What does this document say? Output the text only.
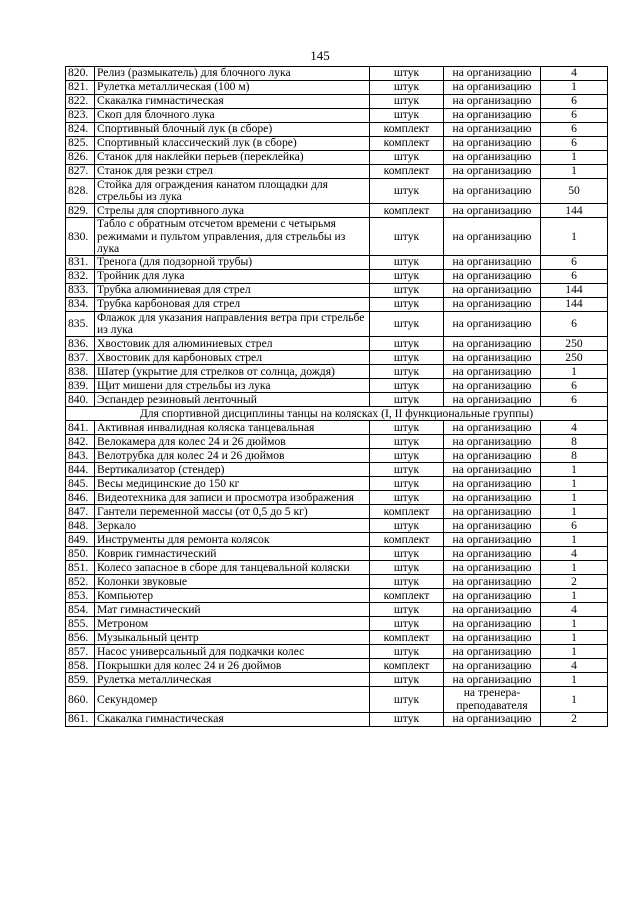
145
820.	Релиз (размыкатель) для блочного лука	штук	на организацию	4
821.	Рулетка металлическая (100 м)	штук	на организацию	1
822.	Скакалка гимнастическая	штук	на организацию	6
823.	Скоп для блочного лука	штук	на организацию	6
824.	Спортивный блочный лук (в сборе)	комплект	на организацию	6
825.	Спортивный классический лук (в сборе)	комплект	на организацию	6
826.	Станок для наклейки перьев (переклейка)	штук	на организацию	1
827.	Станок для резки стрел	комплект	на организацию	1
828.	Стойка для ограждения канатом площадки для стрельбы из лука	штук	на организацию	50
829.	Стрелы для спортивного лука	комплект	на организацию	144
830.	Табло с обратным отсчетом времени с четырьмя режимами и пультом управления, для стрельбы из лука	штук	на организацию	1
831.	Тренога (для подзорной трубы)	штук	на организацию	6
832.	Тройник для лука	штук	на организацию	6
833.	Трубка алюминиевая для стрел	штук	на организацию	144
834.	Трубка карбоновая для стрел	штук	на организацию	144
835.	Флажок для указания направления ветра при стрельбе из лука	штук	на организацию	6
836.	Хвостовик для алюминиевых стрел	штук	на организацию	250
837.	Хвостовик для карбоновых стрел	штук	на организацию	250
838.	Шатер (укрытие для стрелков от солнца, дождя)	штук	на организацию	1
839.	Щит мишени для стрельбы из лука	штук	на организацию	6
840.	Эспандер резиновый ленточный	штук	на организацию	6
Для спортивной дисциплины танцы на колясках (I, II функциональные группы)				
841.	Активная инвалидная коляска танцевальная	штук	на организацию	4
842.	Велокамера для колес 24 и 26 дюймов	штук	на организацию	8
843.	Велотрубка для колес 24 и 26 дюймов	штук	на организацию	8
844.	Вертикализатор (стендер)	штук	на организацию	1
845.	Весы медицинские до 150 кг	штук	на организацию	1
846.	Видеотехника для записи и просмотра изображения	штук	на организацию	1
847.	Гантели переменной массы (от 0,5 до 5 кг)	комплект	на организацию	1
848.	Зеркало	штук	на организацию	6
849.	Инструменты для ремонта колясок	комплект	на организацию	1
850.	Коврик гимнастический	штук	на организацию	4
851.	Колесо запасное в сборе для танцевальной коляски	штук	на организацию	1
852.	Колонки звуковые	штук	на организацию	2
853.	Компьютер	комплект	на организацию	1
854.	Мат гимнастический	штук	на организацию	4
855.	Метроном	штук	на организацию	1
856.	Музыкальный центр	комплект	на организацию	1
857.	Насос универсальный для подкачки колес	штук	на организацию	1
858.	Покрышки для колес 24 и 26 дюймов	комплект	на организацию	4
859.	Рулетка металлическая	штук	на организацию	1
860.	Секундомер	штук	на тренера-преподавателя	1
861.	Скакалка гимнастическая	штук	на организацию	2
